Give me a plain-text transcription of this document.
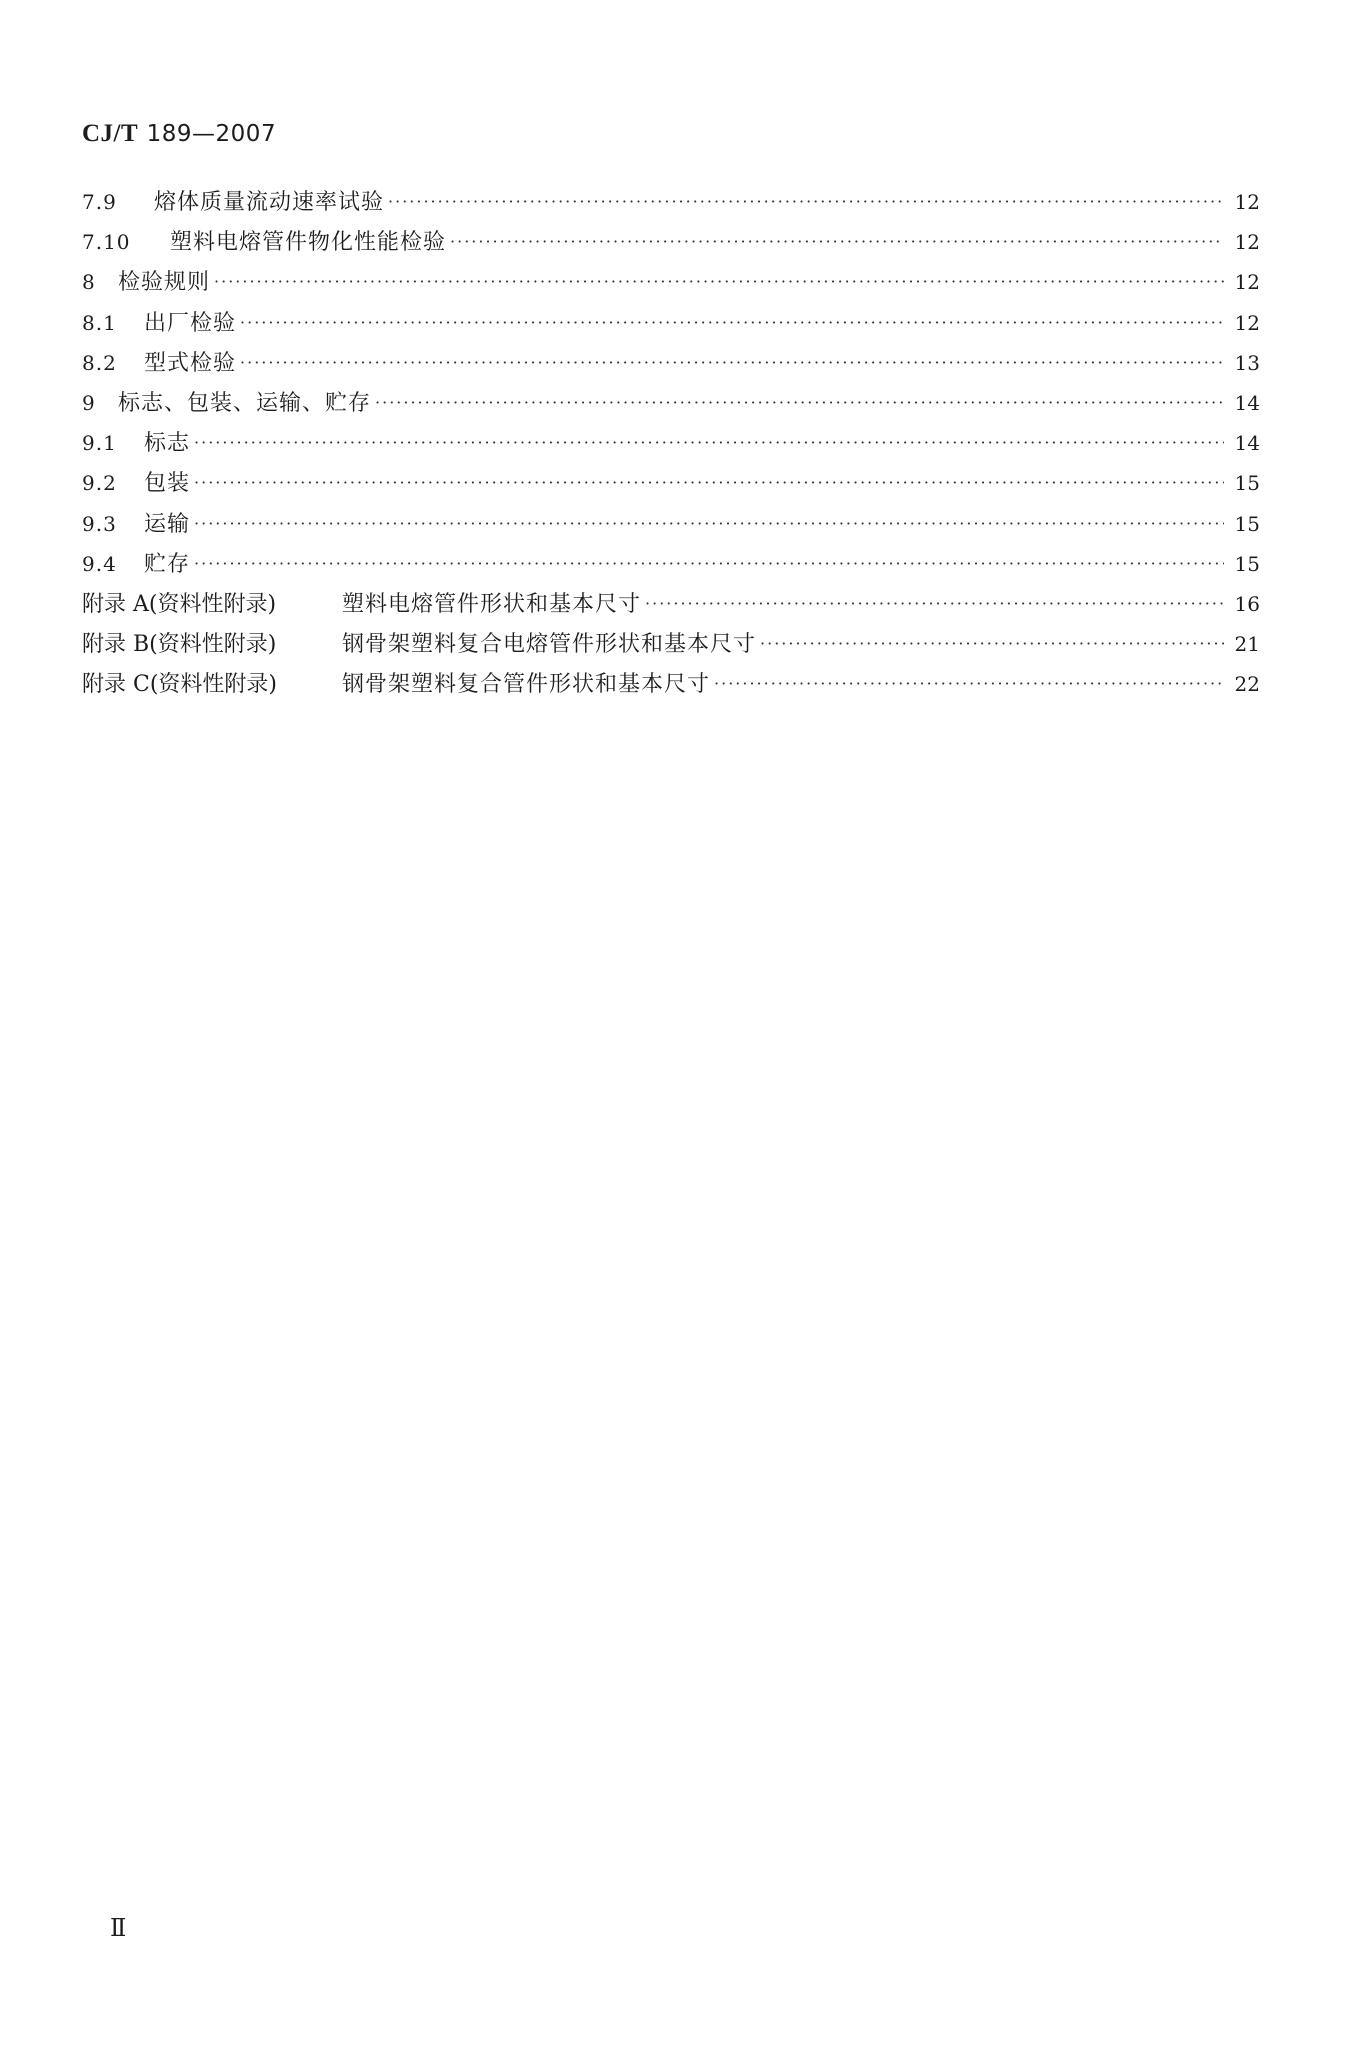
CJ/T 189—2007
7.9	熔体质量流动速率试验 ·····	12
7.10	塑料电熔管件物化性能检验 ·····	12
8	检验规则 ·····	12
8.1	出厂检验 ·····	12
8.2	型式检验 ·····	13
9	标志、包装、运输、贮存 ·····	14
9.1	标志 ·····	14
9.2	包装 ·····	15
9.3	运输 ·····	15
9.4	贮存 ·····	15
附录 A(资料性附录)	塑料电熔管件形状和基本尺寸 ·····	16
附录 B(资料性附录)	钢骨架塑料复合电熔管件形状和基本尺寸 ·····	21
附录 C(资料性附录)	钢骨架塑料复合管件形状和基本尺寸 ·····	22
Ⅱ
